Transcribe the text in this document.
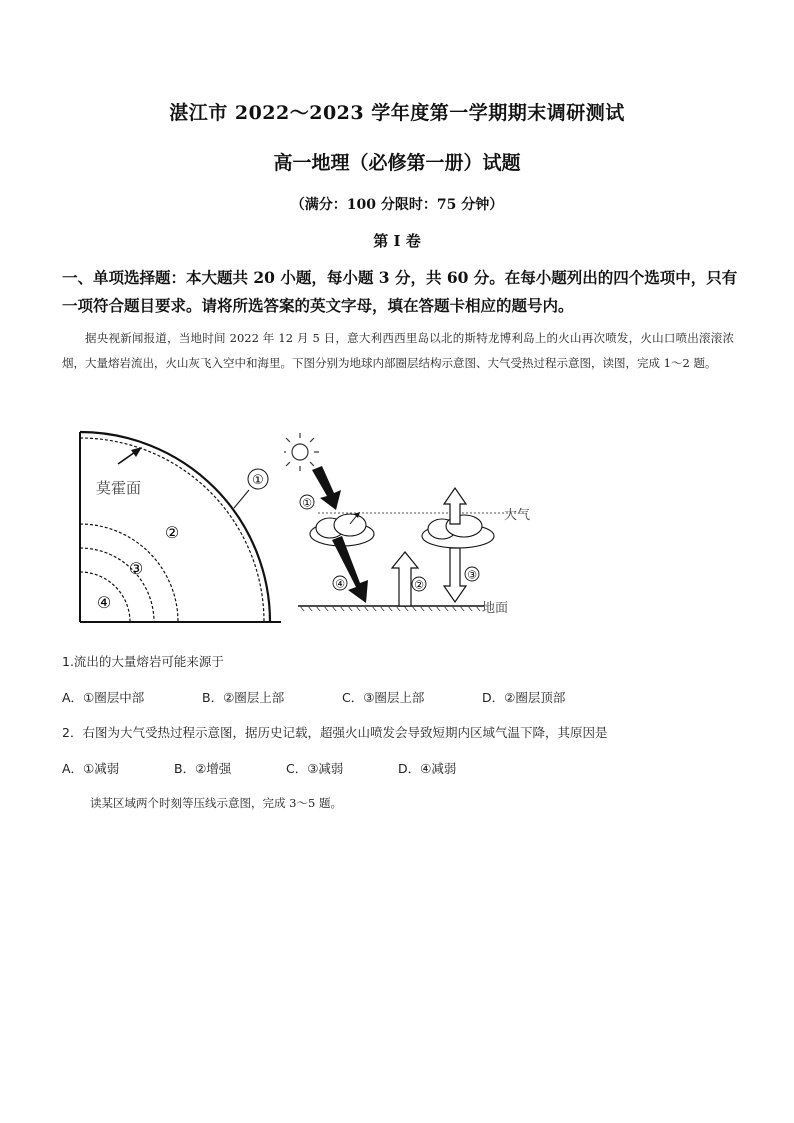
湛江市 2022～2023 学年度第一学期期末调研测试
高一地理（必修第一册）试题
（满分：100 分限时：75 分钟）
第 I 卷
一、单项选择题：本大题共 20 小题，每小题 3 分，共 60 分。在每小题列出的四个选项中，只有一项符合题目要求。请将所选答案的英文字母，填在答题卡相应的题号内。
据央视新闻报道，当地时间 2022 年 12 月 5 日，意大利西西里岛以北的斯特龙博利岛上的火山再次喷发，火山口喷出滚滚浓烟，大量熔岩流出，火山灰飞入空中和海里。下图分别为地球内部圈层结构示意图、大气受热过程示意图，读图，完成 1～2 题。
莫霍面	①
②
③
④
大气
地面
①
②
③
④
1.流出的大量熔岩可能来源于
A．①圈层中部	B．②圈层上部	C．③圈层上部	D．②圈层顶部
2．右图为大气受热过程示意图，据历史记载，超强火山喷发会导致短期内区域气温下降，其原因是
A．①减弱	B．②增强	C．③减弱	D．④减弱
读某区域两个时刻等压线示意图，完成 3～5 题。
